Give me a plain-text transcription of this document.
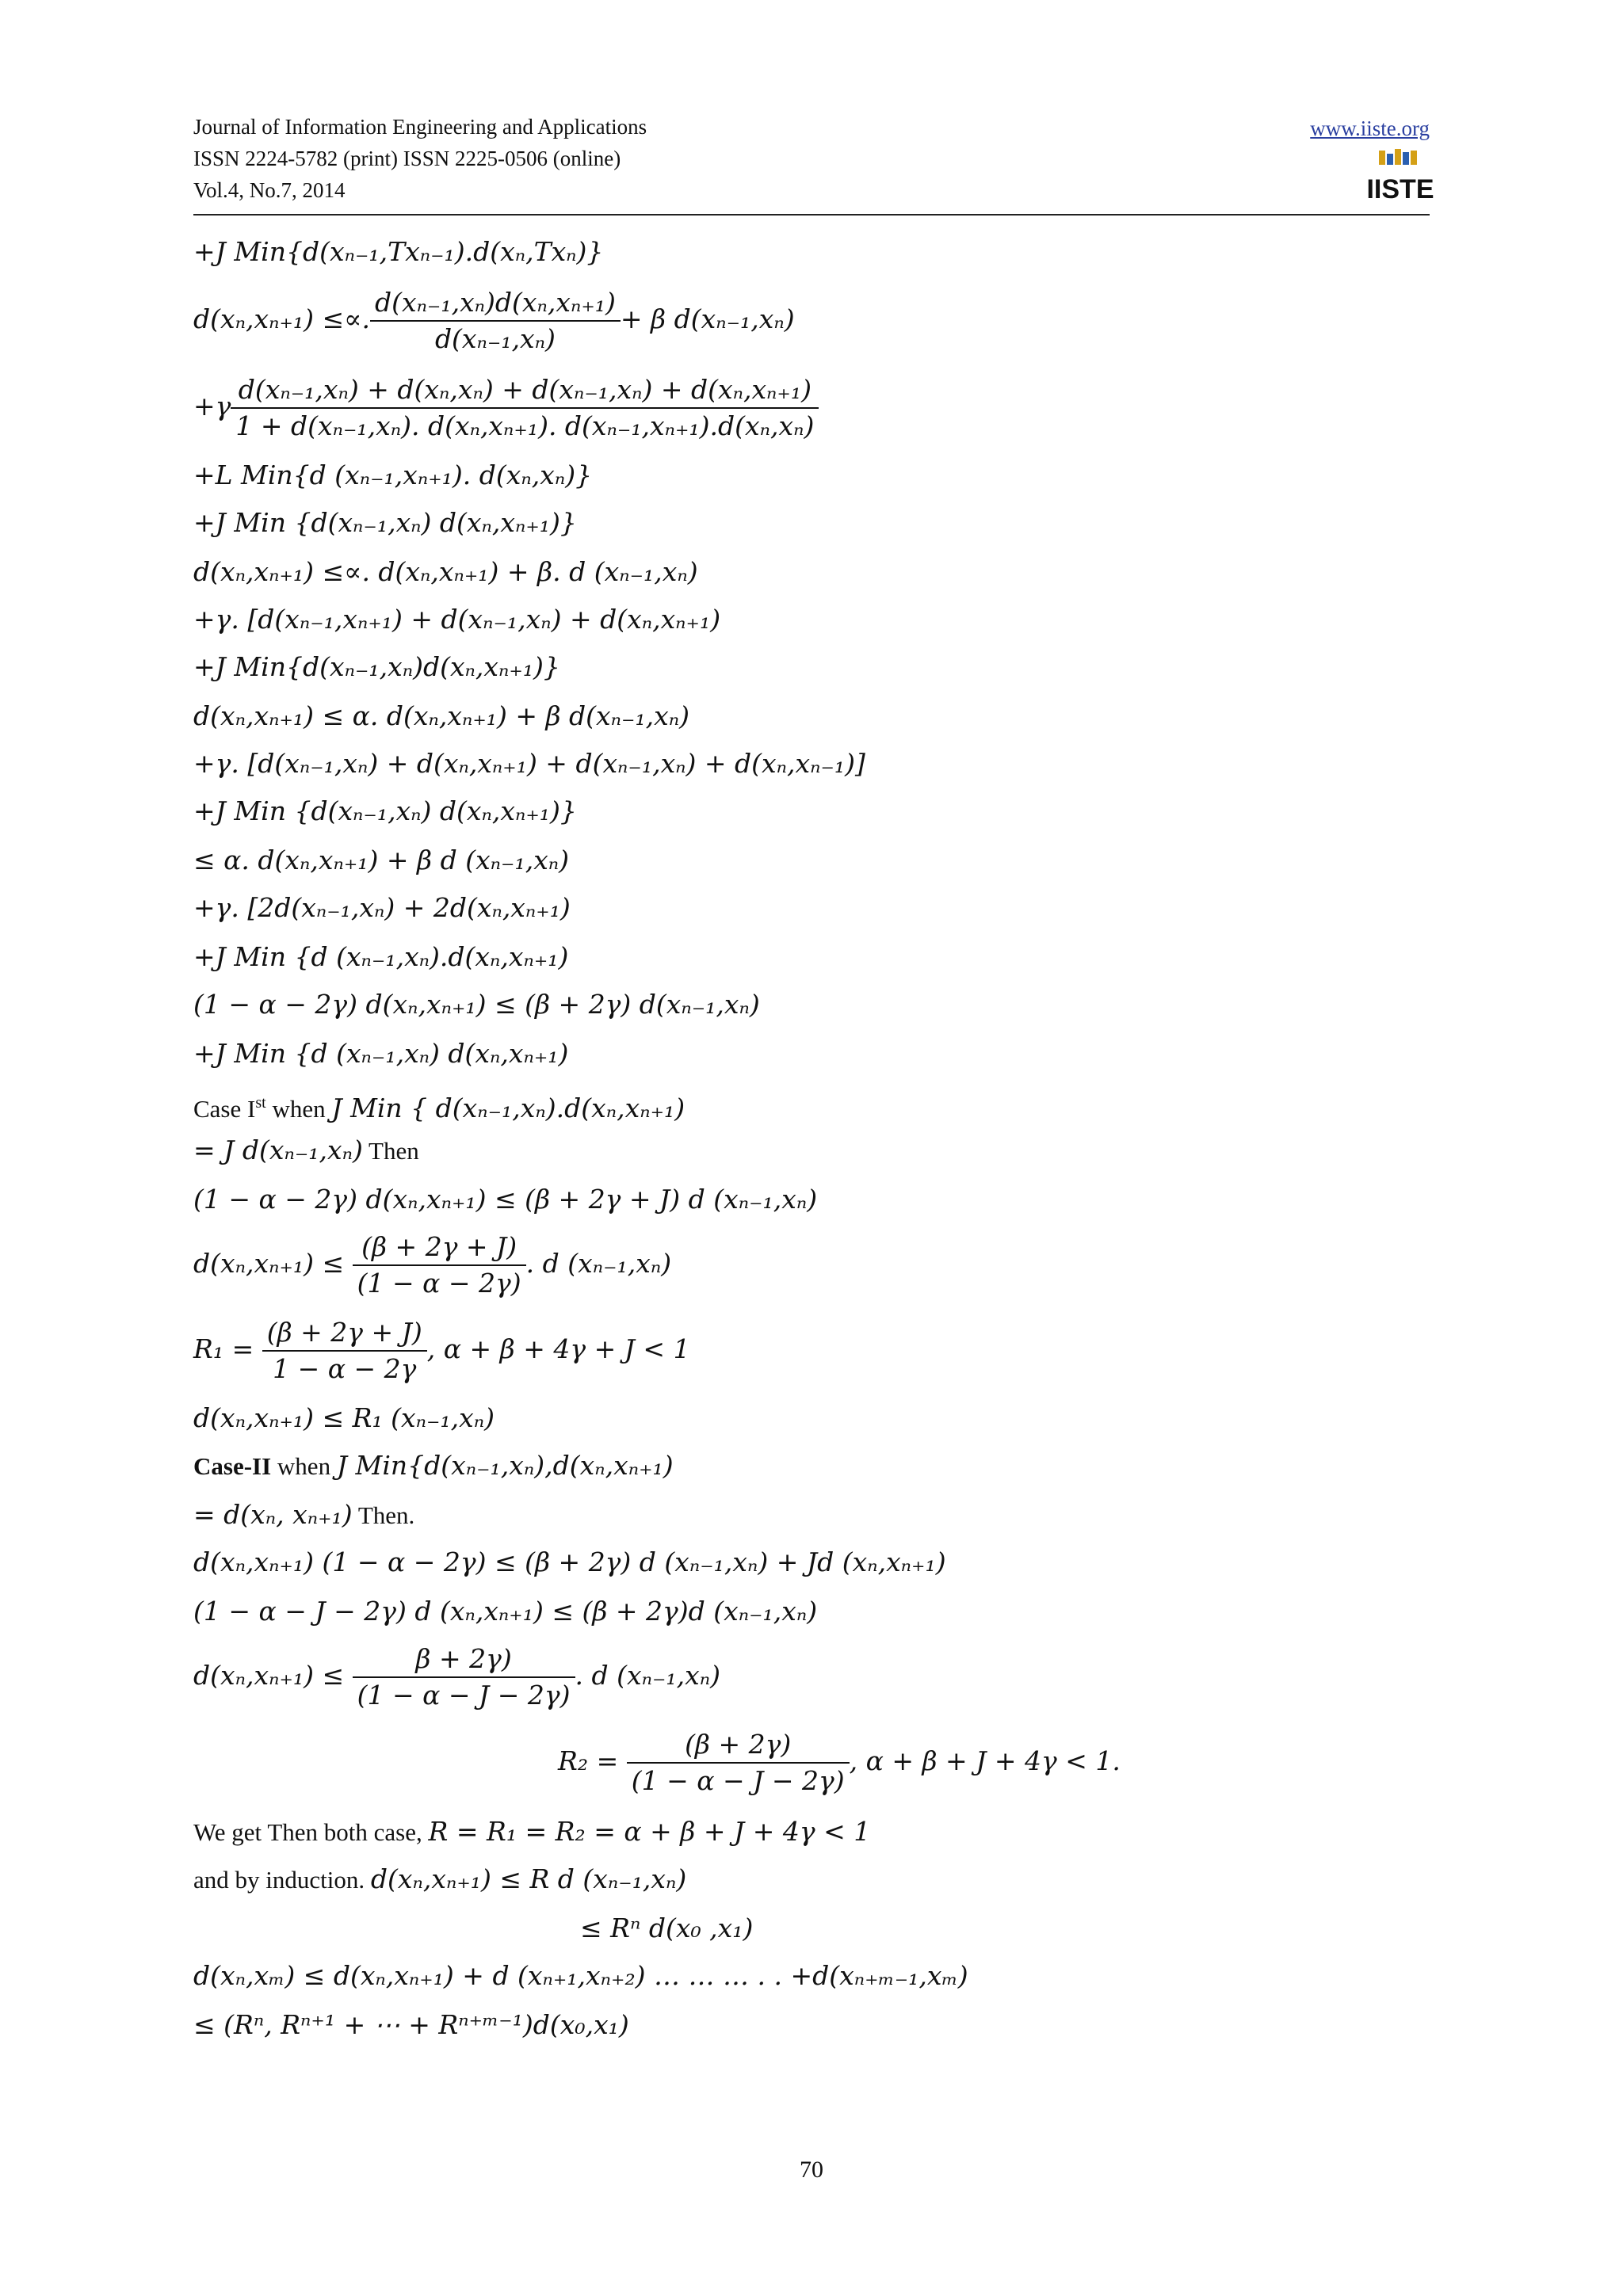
Journal of Information Engineering and Applications
ISSN 2224-5782 (print) ISSN 2225-0506 (online)
Vol.4, No.7, 2014
www.iiste.org
IISTE
+J Min{d(xₙ₋₁,Txₙ₋₁).d(xₙ,Txₙ)}
d(xₙ,xₙ₊₁) ≤∝. $\frac{\text{d(xₙ₋₁,xₙ)d(xₙ,xₙ₊₁)}}{\text{d(xₙ₋₁,xₙ)}} + \beta$ d(xₙ₋₁,xₙ)
$+\gamma \frac{\text{d(xₙ₋₁,xₙ) + d(xₙ,xₙ) + d(xₙ₋₁,xₙ) + d(xₙ,xₙ₊₁)}}{\text{1 + d(xₙ₋₁,xₙ). d(xₙ,xₙ₊₁). d(xₙ₋₁,xₙ₊₁).d(xₙ,xₙ)}}$
+L Min{d (xₙ₋₁,xₙ₊₁). d(xₙ,xₙ)}
+J Min {d(xₙ₋₁,xₙ) d(xₙ,xₙ₊₁)}
d(xₙ,xₙ₊₁) ≤∝. d(xₙ,xₙ₊₁) + β. d (xₙ₋₁,xₙ)
+γ. [d(xₙ₋₁,xₙ₊₁) + d(xₙ₋₁,xₙ) + d(xₙ,xₙ₊₁)
+J Min{d(xₙ₋₁,xₙ)d(xₙ,xₙ₊₁)}
d(xₙ,xₙ₊₁) ≤ α. d(xₙ,xₙ₊₁) + β d(xₙ₋₁,xₙ)
+γ. [d(xₙ₋₁,xₙ) + d(xₙ,xₙ₊₁) + d(xₙ₋₁,xₙ) + d(xₙ,xₙ₋₁)]
+J Min {d(xₙ₋₁,xₙ) d(xₙ,xₙ₊₁)}
≤ α. d(xₙ,xₙ₊₁) + β d (xₙ₋₁,xₙ)
+γ. [2d(xₙ₋₁,xₙ) + 2d(xₙ,xₙ₊₁)
+J Min {d (xₙ₋₁,xₙ).d(xₙ,xₙ₊₁)
(1 − α − 2γ) d(xₙ,xₙ₊₁) ≤ (β + 2γ) d(xₙ₋₁,xₙ)
+J Min {d (xₙ₋₁,xₙ) d(xₙ,xₙ₊₁)
Case Ist when J Min { d(xₙ₋₁,xₙ).d(xₙ,xₙ₊₁)
= J d(xₙ₋₁,xₙ) Then
(1 − α − 2γ) d(xₙ,xₙ₊₁) ≤ (β + 2γ + J) d (xₙ₋₁,xₙ)
$d(x_n,x_{n+1}) \le \frac{(\beta + 2\gamma + J)}{(1 - \alpha - 2\gamma)}$ . d (xₙ₋₁,xₙ)
$R_1 = \frac{(\beta + 2\gamma + J)}{1 - \alpha - 2\gamma}$ , α + β + 4γ + J < 1
d(xₙ,xₙ₊₁) ≤ R₁ (xₙ₋₁,xₙ)
Case-II when J Min{d(xₙ₋₁,xₙ),d(xₙ,xₙ₊₁)
= d(xₙ, xₙ₊₁) Then.
d(xₙ,xₙ₊₁) (1 − α − 2γ) ≤ (β + 2γ) d (xₙ₋₁,xₙ) + Jd (xₙ,xₙ₊₁)
(1 − α − J − 2γ) d (xₙ,xₙ₊₁) ≤ (β + 2γ)d (xₙ₋₁,xₙ)
$d(x_n,x_{n+1}) \le \frac{\beta + 2\gamma)}{(1 - \alpha - J - 2\gamma)}$ . d (xₙ₋₁,xₙ)
$R_2 = \frac{(\beta + 2\gamma)}{(1 - \alpha - J - 2\gamma)}$ , α + β + J + 4γ < 1.
We get Then both case, R = R₁ = R₂ = α + β + J + 4γ < 1
and by induction. d(xₙ,xₙ₊₁) ≤ R d (xₙ₋₁,xₙ)
≤ Rⁿ d(x₀ ,x₁)
d(xₙ,xₘ) ≤ d(xₙ,xₙ₊₁) + d (xₙ₊₁,xₙ₊₂) … … … . . +d(xₙ₊ₘ₋₁,xₘ)
≤ (Rⁿ, Rⁿ⁺¹ + ⋯ + Rⁿ⁺ᵐ⁻¹)d(x₀,x₁)
70
